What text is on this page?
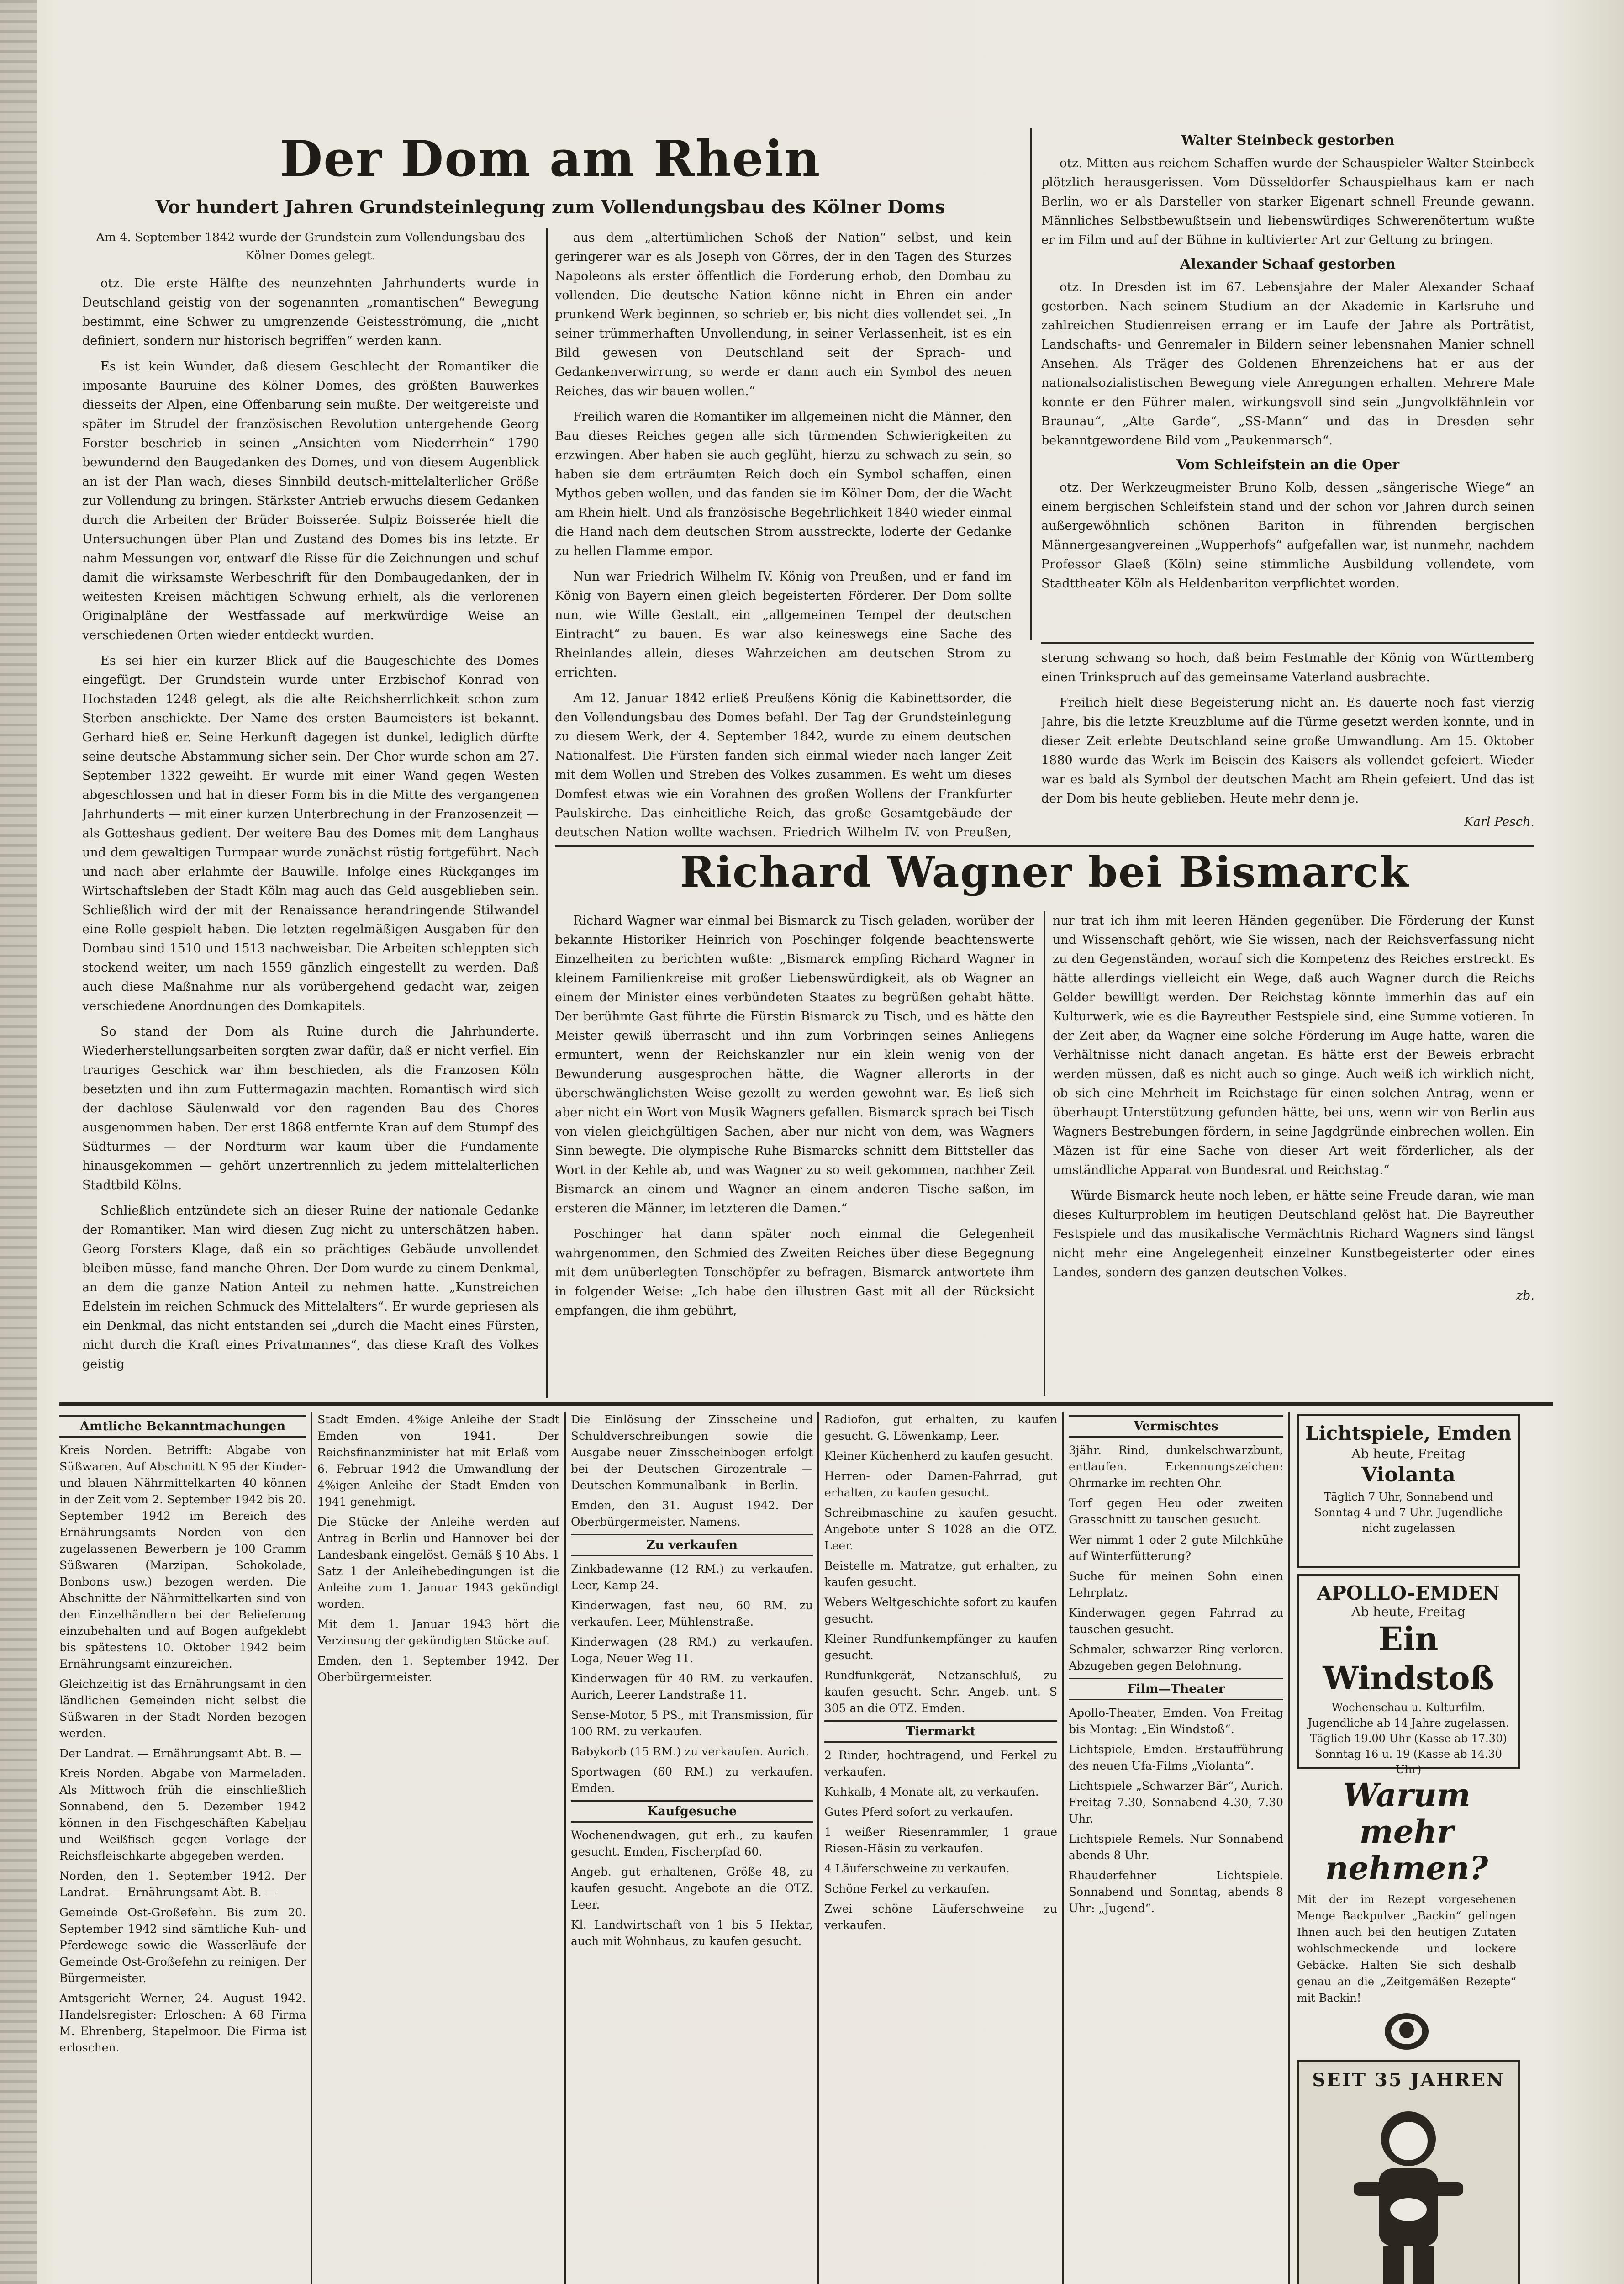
Der Dom am Rhein
Vor hundert Jahren Grundsteinlegung zum Vollendungsbau des Kölner Doms
Am 4. September 1842 wurde der Grundstein zum Vollendungsbau des Kölner Domes gelegt.

otz. Die erste Hälfte des neunzehnten Jahrhunderts wurde in Deutschland geistig von der sogenannten „romantischen“ Bewegung bestimmt, eine Schwer zu umgrenzende Geistesströmung, die „nicht definiert, sondern nur historisch begriffen“ werden kann.

Es ist kein Wunder, daß diesem Geschlecht der Romantiker die imposante Bauruine des Kölner Domes, des größten Bauwerkes diesseits der Alpen, eine Offenbarung sein mußte. Der weitgereiste und später im Strudel der französischen Revolution untergehende Georg Forster beschrieb in seinen „Ansichten vom Niederrhein“ 1790 bewundernd den Baugedanken des Domes, und von diesem Augenblick an ist der Plan wach, dieses Sinnbild deutsch-mittelalterlicher Größe zur Vollendung zu bringen. Stärkster Antrieb erwuchs diesem Gedanken durch die Arbeiten der Brüder Boisserée. Sulpiz Boisserée hielt die Untersuchungen über Plan und Zustand des Domes bis ins letzte. Er nahm Messungen vor, entwarf die Risse für die Zeichnungen und schuf damit die wirksamste Werbeschrift für den Dombaugedanken, der in weitesten Kreisen mächtigen Schwung erhielt, als die verlorenen Originalpläne der Westfassade auf merkwürdige Weise an verschiedenen Orten wieder entdeckt wurden.

Es sei hier ein kurzer Blick auf die Baugeschichte des Domes eingefügt. Der Grundstein wurde unter Erzbischof Konrad von Hochstaden 1248 gelegt, als die alte Reichsherrlichkeit schon zum Sterben anschickte. Der Name des ersten Baumeisters ist bekannt. Gerhard hieß er. Seine Herkunft dagegen ist dunkel, lediglich dürfte seine deutsche Abstammung sicher sein. Der Chor wurde schon am 27. September 1322 geweiht. Er wurde mit einer Wand gegen Westen abgeschlossen und hat in dieser Form bis in die Mitte des vergangenen Jahrhunderts — mit einer kurzen Unterbrechung in der Franzosenzeit — als Gotteshaus gedient. Der weitere Bau des Domes mit dem Langhaus und dem gewaltigen Turmpaar wurde zunächst rüstig fortgeführt. Nach und nach aber erlahmte der Bauwille. Infolge eines Rückganges im Wirtschaftsleben der Stadt Köln mag auch das Geld ausgeblieben sein. Schließlich wird der mit der Renaissance herandringende Stilwandel eine Rolle gespielt haben. Die letzten regelmäßigen Ausgaben für den Dombau sind 1510 und 1513 nachweisbar. Die Arbeiten schleppten sich stockend weiter, um nach 1559 gänzlich eingestellt zu werden. Daß auch diese Maßnahme nur als vorübergehend gedacht war, zeigen verschiedene Anordnungen des Domkapitels.

So stand der Dom als Ruine durch die Jahrhunderte. Wiederherstellungsarbeiten sorgten zwar dafür, daß er nicht verfiel. Ein trauriges Geschick war ihm beschieden, als die Franzosen Köln besetzten und ihn zum Futtermagazin machten. Romantisch wird sich der dachlose Säulenwald vor den ragenden Bau des Chores ausgenommen haben. Der erst 1868 entfernte Kran auf dem Stumpf des Südturmes — der Nordturm war kaum über die Fundamente hinausgekommen — gehört unzertrennlich zu jedem mittelalterlichen Stadtbild Kölns.

Schließlich entzündete sich an dieser Ruine der nationale Gedanke der Romantiker. Man wird diesen Zug nicht zu unterschätzen haben. Georg Forsters Klage, daß ein so prächtiges Gebäude unvollendet bleiben müsse, fand manche Ohren. Der Dom wurde zu einem Denkmal, an dem die ganze Nation Anteil zu nehmen hatte. „Kunstreichen Edelstein im reichen Schmuck des Mittelalters“. Er wurde gepriesen als ein Denkmal, das nicht entstanden sei „durch die Macht eines Fürsten, nicht durch die Kraft eines Privatmannes“, das diese Kraft des Volkes geistig

aus dem „altertümlichen Schoß der Nation“ selbst, und kein geringerer war es als Joseph von Görres, der in den Tagen des Sturzes Napoleons als erster öffentlich die Forderung erhob, den Dombau zu vollenden. Die deutsche Nation könne nicht in Ehren ein ander prunkend Werk beginnen, so schrieb er, bis nicht dies vollendet sei. „In seiner trümmerhaften Unvollendung, in seiner Verlassenheit, ist es ein Bild gewesen von Deutschland seit der Sprach- und Gedankenverwirrung, so werde er dann auch ein Symbol des neuen Reiches, das wir bauen wollen.“

Freilich waren die Romantiker im allgemeinen nicht die Männer, den Bau dieses Reiches gegen alle sich türmenden Schwierigkeiten zu erzwingen. Aber haben sie auch geglüht, hierzu zu schwach zu sein, so haben sie dem erträumten Reich doch ein Symbol schaffen, einen Mythos geben wollen, und das fanden sie im Kölner Dom, der die Wacht am Rhein hielt. Und als französische Begehrlichkeit 1840 wieder einmal die Hand nach dem deutschen Strom ausstreckte, loderte der Gedanke zu hellen Flamme empor.

Nun war Friedrich Wilhelm IV. König von Preußen, und er fand im König von Bayern einen gleich begeisterten Förderer. Der Dom sollte nun, wie Wille Gestalt, ein „allgemeinen Tempel der deutschen Eintracht“ zu bauen. Es war also keineswegs eine Sache des Rheinlandes allein, dieses Wahrzeichen am deutschen Strom zu errichten.

Am 12. Januar 1842 erließ Preußens König die Kabinettsorder, die den Vollendungsbau des Domes befahl. Der Tag der Grundsteinlegung zu diesem Werk, der 4. September 1842, wurde zu einem deutschen Nationalfest. Die Fürsten fanden sich einmal wieder nach langer Zeit mit dem Wollen und Streben des Volkes zusammen. Es weht um dieses Domfest etwas wie ein Vorahnen des großen Wollens der Frankfurter Paulskirche. Das einheitliche Reich, das große Gesamtgebäude der deutschen Nation wollte wachsen. Friedrich Wilhelm IV. von Preußen,

Walter Steinbeck gestorben

otz. Mitten aus reichem Schaffen wurde der Schauspieler Walter Steinbeck plötzlich herausgerissen. Vom Düsseldorfer Schauspielhaus kam er nach Berlin, wo er als Darsteller von starker Eigenart schnell Freunde gewann. Männliches Selbstbewußtsein und liebenswürdiges Schwerenötertum wußte er im Film und auf der Bühne in kultivierter Art zur Geltung zu bringen.

Alexander Schaaf gestorben

otz. In Dresden ist im 67. Lebensjahre der Maler Alexander Schaaf gestorben. Nach seinem Studium an der Akademie in Karlsruhe und zahlreichen Studienreisen errang er im Laufe der Jahre als Porträtist, Landschafts- und Genremaler in Bildern seiner lebensnahen Manier schnell Ansehen. Als Träger des Goldenen Ehrenzeichens hat er aus der nationalsozialistischen Bewegung viele Anregungen erhalten. Mehrere Male konnte er den Führer malen, wirkungsvoll sind sein „Jungvolkfähnlein vor Braunau“, „Alte Garde“, „SS-Mann“ und das in Dresden sehr bekanntgewordene Bild vom „Paukenmarsch“.

Vom Schleifstein an die Oper

otz. Der Werkzeugmeister Bruno Kolb, dessen „sängerische Wiege“ an einem bergischen Schleifstein stand und der schon vor Jahren durch seinen außergewöhnlich schönen Bariton in führenden bergischen Männergesangvereinen „Wupperhofs“ aufgefallen war, ist nunmehr, nachdem Professor Glaeß (Köln) seine stimmliche Ausbildung vollendete, vom Stadttheater Köln als Heldenbariton verpflichtet worden.

sterung schwang so hoch, daß beim Festmahle der König von Württemberg einen Trinkspruch auf das gemeinsame Vaterland ausbrachte.

Freilich hielt diese Begeisterung nicht an. Es dauerte noch fast vierzig Jahre, bis die letzte Kreuzblume auf die Türme gesetzt werden konnte, und in dieser Zeit erlebte Deutschland seine große Umwandlung. Am 15. Oktober 1880 wurde das Werk im Beisein des Kaisers als vollendet gefeiert. Wieder war es bald als Symbol der deutschen Macht am Rhein gefeiert. Und das ist der Dom bis heute geblieben. Heute mehr denn je.

Karl Pesch.
Richard Wagner bei Bismarck

Richard Wagner war einmal bei Bismarck zu Tisch geladen, worüber der bekannte Historiker Heinrich von Poschinger folgende beachtenswerte Einzelheiten zu berichten wußte: „Bismarck empfing Richard Wagner in kleinem Familienkreise mit großer Liebenswürdigkeit, als ob Wagner an einem der Minister eines verbündeten Staates zu begrüßen gehabt hätte. Der berühmte Gast führte die Fürstin Bismarck zu Tisch, und es hätte den Meister gewiß überrascht und ihn zum Vorbringen seines Anliegens ermuntert, wenn der Reichskanzler nur ein klein wenig von der Bewunderung ausgesprochen hätte, die Wagner allerorts in der überschwänglichsten Weise gezollt zu werden gewohnt war. Es ließ sich aber nicht ein Wort von Musik Wagners gefallen. Bismarck sprach bei Tisch von vielen gleichgültigen Sachen, aber nur nicht von dem, was Wagners Sinn bewegte. Die olympische Ruhe Bismarcks schnitt dem Bittsteller das Wort in der Kehle ab, und was Wagner zu so weit gekommen, nachher Zeit Bismarck an einem und Wagner an einem anderen Tische saßen, im ersteren die Männer, im letzteren die Damen.“

Poschinger hat dann später noch einmal die Gelegenheit wahrgenommen, den Schmied des Zweiten Reiches über diese Begegnung mit dem unüberlegten Tonschöpfer zu befragen. Bismarck antwortete ihm in folgender Weise: „Ich habe den illustren Gast mit all der Rücksicht empfangen, die ihm gebührt,

nur trat ich ihm mit leeren Händen gegenüber. Die Förderung der Kunst und Wissenschaft gehört, wie Sie wissen, nach der Reichsverfassung nicht zu den Gegenständen, worauf sich die Kompetenz des Reiches erstreckt. Es hätte allerdings vielleicht ein Wege, daß auch Wagner durch die Reichs Gelder bewilligt werden. Der Reichstag könnte immerhin das auf ein Kulturwerk, wie es die Bayreuther Festspiele sind, eine Summe votieren. In der Zeit aber, da Wagner eine solche Förderung im Auge hatte, waren die Verhältnisse nicht danach angetan. Es hätte erst der Beweis erbracht werden müssen, daß es nicht auch so ginge. Auch weiß ich wirklich nicht, ob sich eine Mehrheit im Reichstage für einen solchen Antrag, wenn er überhaupt Unterstützung gefunden hätte, bei uns, wenn wir von Berlin aus Wagners Bestrebungen fördern, in seine Jagdgründe einbrechen wollen. Ein Mäzen ist für eine Sache von dieser Art weit förderlicher, als der umständliche Apparat von Bundesrat und Reichstag.“

Würde Bismarck heute noch leben, er hätte seine Freude daran, wie man dieses Kulturproblem im heutigen Deutschland gelöst hat. Die Bayreuther Festspiele und das musikalische Vermächtnis Richard Wagners sind längst nicht mehr eine Angelegenheit einzelner Kunstbegeisterter oder eines Landes, sondern des ganzen deutschen Volkes.

zb.
Amtliche Bekanntmachungen

Kreis Norden. Betrifft: Abgabe von Süßwaren. Auf Abschnitt N 95 der Kinder- und blauen Nährmittelkarten 40 können in der Zeit vom 2. September 1942 bis 20. September 1942 im Bereich des Ernährungsamts Norden von den zugelassenen Bewerbern je 100 Gramm Süßwaren (Marzipan, Schokolade, Bonbons usw.) bezogen werden. Die Abschnitte der Nährmittelkarten sind von den Einzelhändlern bei der Belieferung einzubehalten und auf Bogen aufgeklebt bis spätestens 10. Oktober 1942 beim Ernährungsamt einzureichen.

Gleichzeitig ist das Ernährungsamt in den ländlichen Gemeinden nicht selbst die Süßwaren in der Stadt Norden bezogen werden.

Der Landrat. — Ernährungsamt Abt. B. —

Kreis Norden. Abgabe von Marmeladen. Als Mittwoch früh die einschließlich Sonnabend, den 5. Dezember 1942 können in den Fischgeschäften Kabeljau und Weißfisch gegen Vorlage der Reichsfleischkarte abgegeben werden.

Norden, den 1. September 1942. Der Landrat. — Ernährungsamt Abt. B. —

Gemeinde Ost-Großefehn. Bis zum 20. September 1942 sind sämtliche Kuh- und Pferdewege sowie die Wasserläufe der Gemeinde Ost-Großefehn zu reinigen. Der Bürgermeister.

Amtsgericht Werner, 24. August 1942. Handelsregister: Erloschen: A 68 Firma M. Ehrenberg, Stapelmoor. Die Firma ist erloschen.

Stadt Emden. 4%ige Anleihe der Stadt Emden von 1941. Der Reichsfinanzminister hat mit Erlaß vom 6. Februar 1942 die Umwandlung der 4%igen Anleihe der Stadt Emden von 1941 genehmigt.

Die Stücke der Anleihe werden auf Antrag in Berlin und Hannover bei der Landesbank eingelöst. Gemäß § 10 Abs. 1 Satz 1 der Anleihebedingungen ist die Anleihe zum 1. Januar 1943 gekündigt worden.

Mit dem 1. Januar 1943 hört die Verzinsung der gekündigten Stücke auf.

Emden, den 1. September 1942. Der Oberbürgermeister.

Die Einlösung der Zinsscheine und Schuldverschreibungen sowie die Ausgabe neuer Zinsscheinbogen erfolgt bei der Deutschen Girozentrale — Deutschen Kommunalbank — in Berlin.

Emden, den 31. August 1942. Der Oberbürgermeister. Namens.

Zu verkaufen

Zinkbadewanne (12 RM.) zu verkaufen. Leer, Kamp 24.

Kinderwagen, fast neu, 60 RM. zu verkaufen. Leer, Mühlenstraße.

Kinderwagen (28 RM.) zu verkaufen. Loga, Neuer Weg 11.

Kinderwagen für 40 RM. zu verkaufen. Aurich, Leerer Landstraße 11.

Sense-Motor, 5 PS., mit Transmission, für 100 RM. zu verkaufen.

Babykorb (15 RM.) zu verkaufen. Aurich.

Sportwagen (60 RM.) zu verkaufen. Emden.

Kaufgesuche

Wochenendwagen, gut erh., zu kaufen gesucht. Emden, Fischerpfad 60.

Angeb. gut erhaltenen, Größe 48, zu kaufen gesucht. Angebote an die OTZ. Leer.

Kl. Landwirtschaft von 1 bis 5 Hektar, auch mit Wohnhaus, zu kaufen gesucht.

Radiofon, gut erhalten, zu kaufen gesucht. G. Löwenkamp, Leer.

Kleiner Küchenherd zu kaufen gesucht.

Herren- oder Damen-Fahrrad, gut erhalten, zu kaufen gesucht.

Schreibmaschine zu kaufen gesucht. Angebote unter S 1028 an die OTZ. Leer.

Beistelle m. Matratze, gut erhalten, zu kaufen gesucht.

Webers Weltgeschichte sofort zu kaufen gesucht.

Kleiner Rundfunkempfänger zu kaufen gesucht.

Rundfunkgerät, Netzanschluß, zu kaufen gesucht. Schr. Angeb. unt. S 305 an die OTZ. Emden.

Tiermarkt

2 Rinder, hochtragend, und Ferkel zu verkaufen.

Kuhkalb, 4 Monate alt, zu verkaufen.

Gutes Pferd sofort zu verkaufen.

1 weißer Riesenrammler, 1 graue Riesen-Häsin zu verkaufen.

4 Läuferschweine zu verkaufen.

Schöne Ferkel zu verkaufen.

Zwei schöne Läuferschweine zu verkaufen.

Vermischtes

3jähr. Rind, dunkelschwarzbunt, entlaufen. Erkennungszeichen: Ohrmarke im rechten Ohr.

Torf gegen Heu oder zweiten Grasschnitt zu tauschen gesucht.

Wer nimmt 1 oder 2 gute Milchkühe auf Winterfütterung?

Suche für meinen Sohn einen Lehrplatz.

Kinderwagen gegen Fahrrad zu tauschen gesucht.

Schmaler, schwarzer Ring verloren. Abzugeben gegen Belohnung.

Film—Theater

Apollo-Theater, Emden. Von Freitag bis Montag: „Ein Windstoß“.

Lichtspiele, Emden. Erstaufführung des neuen Ufa-Films „Violanta“.

Lichtspiele „Schwarzer Bär“, Aurich. Freitag 7.30, Sonnabend 4.30, 7.30 Uhr.

Lichtspiele Remels. Nur Sonnabend abends 8 Uhr.

Rhauderfehner Lichtspiele. Sonnabend und Sonntag, abends 8 Uhr: „Jugend“.

Lichtspiele, Emden
Ab heute, Freitag
Violanta
Täglich 7 Uhr, Sonnabend und Sonntag 4 und 7 Uhr. Jugendliche nicht zugelassen
APOLLO-EMDEN
Ab heute, Freitag
Ein Windstoß
Wochenschau u. Kulturfilm. Jugendliche ab 14 Jahre zugelassen. Täglich 19.00 Uhr (Kasse ab 17.30) Sonntag 16 u. 19 (Kasse ab 14.30 Uhr)
Warum
mehr nehmen?
Mit der im Rezept vorgesehenen Menge Backpulver „Backin“ gelingen Ihnen auch bei den heutigen Zutaten wohlschmeckende und lockere Gebäcke. Halten Sie sich deshalb genau an die „Zeitgemäßen Rezepte“ mit Backin!
SEIT 35 JAHREN
